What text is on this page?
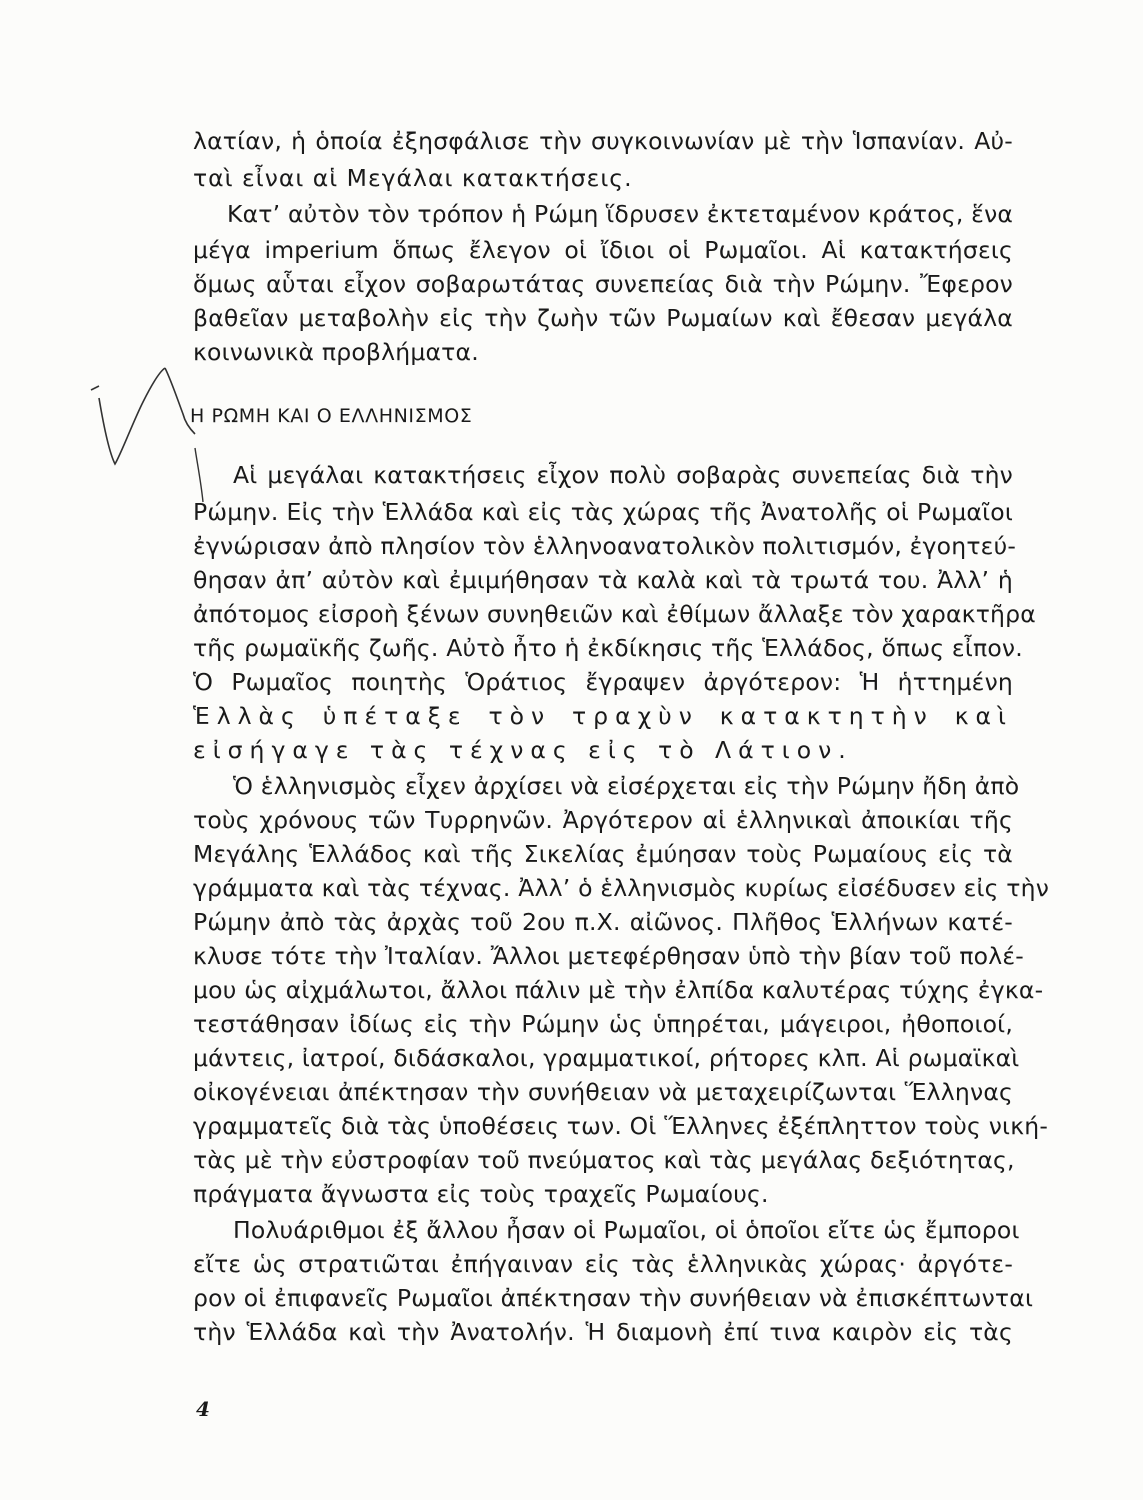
λατίαν, ἡ ὁποία ἐξησφάλισε τὴν συγκοινωνίαν μὲ τὴν Ἱσπανίαν. Αὐ-
ταὶ εἶναι αἱ Μεγάλαι κατακτήσεις.
Κατ’ αὐτὸν τὸν τρόπον ἡ Ρώμη ἵδρυσεν ἐκτεταμένον κράτος, ἕνα
μέγα imperium ὅπως ἔλεγον οἱ ἴδιοι οἱ Ρωμαῖοι. Αἱ κατακτήσεις
ὅμως αὗται εἶχον σοβαρωτάτας συνεπείας διὰ τὴν Ρώμην. Ἔφερον
βαθεῖαν μεταβολὴν εἰς τὴν ζωὴν τῶν Ρωμαίων καὶ ἔθεσαν μεγάλα
κοινωνικὰ προβλήματα.
Η ΡΩΜΗ ΚΑΙ Ο ΕΛΛΗΝΙΣΜΟΣ
Αἱ μεγάλαι κατακτήσεις εἶχον πολὺ σοβαρὰς συνεπείας διὰ τὴν
Ρώμην. Εἰς τὴν Ἑλλάδα καὶ εἰς τὰς χώρας τῆς Ἀνατολῆς οἱ Ρωμαῖοι
ἐγνώρισαν ἀπὸ πλησίον τὸν ἑλληνοανατολικὸν πολιτισμόν, ἐγοητεύ-
θησαν ἀπ’ αὐτὸν καὶ ἐμιμήθησαν τὰ καλὰ καὶ τὰ τρωτά του. Ἀλλ’ ἡ
ἀπότομος εἰσροὴ ξένων συνηθειῶν καὶ ἐθίμων ἄλλαξε τὸν χαρακτῆρα
τῆς ρωμαϊκῆς ζωῆς. Αὐτὸ ἦτο ἡ ἐκδίκησις τῆς Ἑλλάδος, ὅπως εἶπον.
Ὁ Ρωμαῖος ποιητὴς Ὁράτιος ἔγραψεν ἀργότερον: Ἡ ἡττημένη
Ἑλλὰς ὑπέταξε τὸν τραχὺν κατακτητὴν καὶ
εἰσήγαγε τὰς τέχνας εἰς τὸ Λάτιον.
Ὁ ἑλληνισμὸς εἶχεν ἀρχίσει νὰ εἰσέρχεται εἰς τὴν Ρώμην ἤδη ἀπὸ
τοὺς χρόνους τῶν Τυρρηνῶν. Ἀργότερον αἱ ἑλληνικαὶ ἀποικίαι τῆς
Μεγάλης Ἑλλάδος καὶ τῆς Σικελίας ἐμύησαν τοὺς Ρωμαίους εἰς τὰ
γράμματα καὶ τὰς τέχνας. Ἀλλ’ ὁ ἑλληνισμὸς κυρίως εἰσέδυσεν εἰς τὴν
Ρώμην ἀπὸ τὰς ἀρχὰς τοῦ 2ου π.Χ. αἰῶνος. Πλῆθος Ἑλλήνων κατέ-
κλυσε τότε τὴν Ἰταλίαν. Ἄλλοι μετεφέρθησαν ὑπὸ τὴν βίαν τοῦ πολέ-
μου ὡς αἰχμάλωτοι, ἄλλοι πάλιν μὲ τὴν ἐλπίδα καλυτέρας τύχης ἐγκα-
τεστάθησαν ἰδίως εἰς τὴν Ρώμην ὡς ὑπηρέται, μάγειροι, ἠθοποιοί,
μάντεις, ἰατροί, διδάσκαλοι, γραμματικοί, ρήτορες κλπ. Αἱ ρωμαϊκαὶ
οἰκογένειαι ἀπέκτησαν τὴν συνήθειαν νὰ μεταχειρίζωνται Ἕλληνας
γραμματεῖς διὰ τὰς ὑποθέσεις των. Οἱ Ἕλληνες ἐξέπληττον τοὺς νική-
τὰς μὲ τὴν εὐστροφίαν τοῦ πνεύματος καὶ τὰς μεγάλας δεξιότητας,
πράγματα ἄγνωστα εἰς τοὺς τραχεῖς Ρωμαίους.
Πολυάριθμοι ἐξ ἄλλου ἦσαν οἱ Ρωμαῖοι, οἱ ὁποῖοι εἴτε ὡς ἔμποροι
εἴτε ὡς στρατιῶται ἐπήγαιναν εἰς τὰς ἑλληνικὰς χώρας· ἀργότε-
ρον οἱ ἐπιφανεῖς Ρωμαῖοι ἀπέκτησαν τὴν συνήθειαν νὰ ἐπισκέπτωνται
τὴν Ἑλλάδα καὶ τὴν Ἀνατολήν. Ἡ διαμονὴ ἐπί τινα καιρὸν εἰς τὰς
4
